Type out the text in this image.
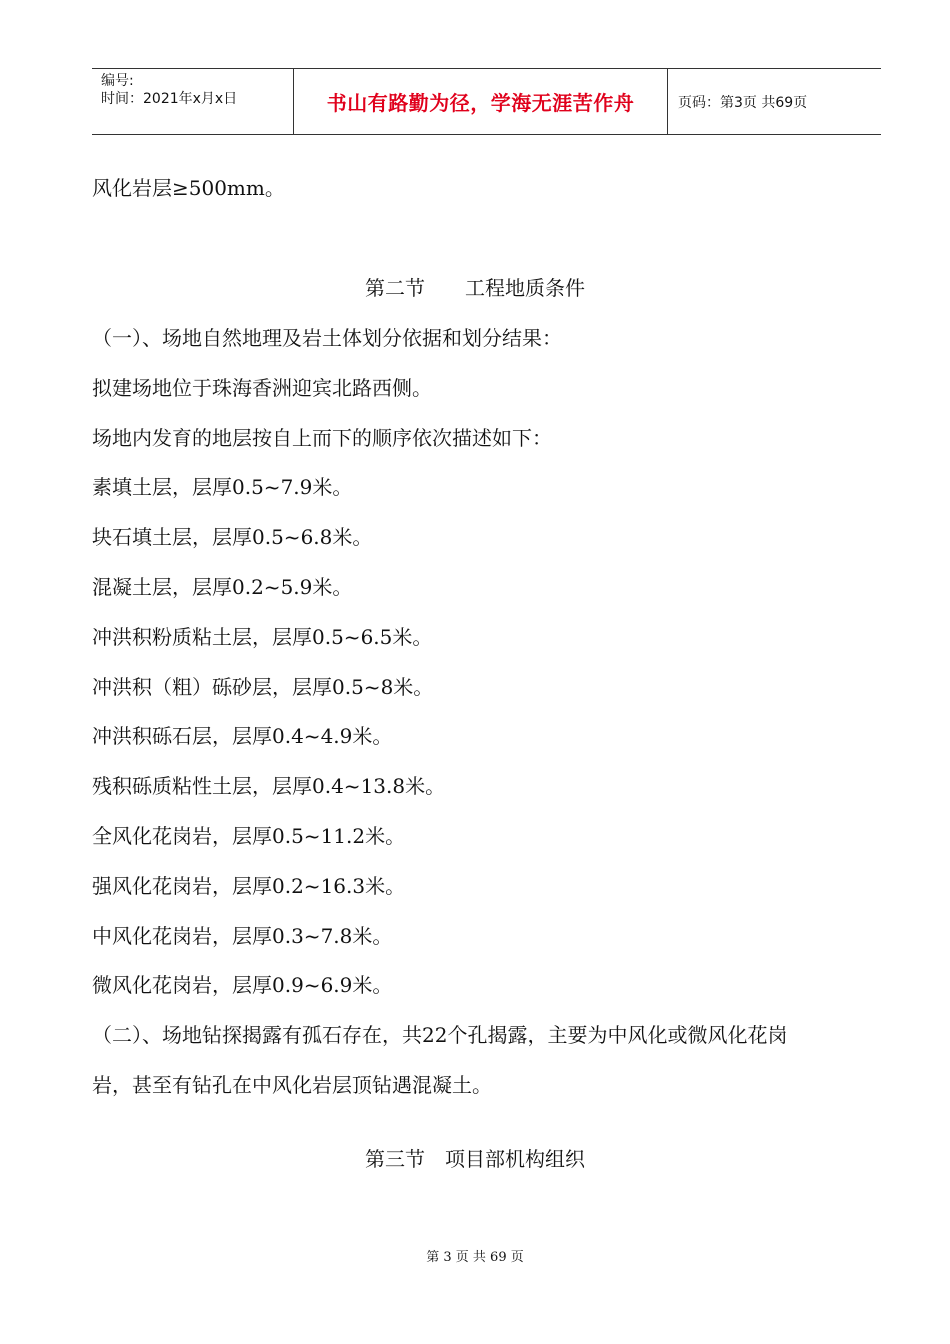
编号:
时间：2021年x月x日	书山有路勤为径，学海无涯苦作舟	页码：第3页 共69页
风化岩层≥500mm。
第二节　　工程地质条件
（一）、场地自然地理及岩土体划分依据和划分结果：
拟建场地位于珠海香洲迎宾北路西侧。
场地内发育的地层按自上而下的顺序依次描述如下：
素填土层，层厚0.5~7.9米。
块石填土层，层厚0.5~6.8米。
混凝土层，层厚0.2~5.9米。
冲洪积粉质粘土层，层厚0.5~6.5米。
冲洪积（粗）砾砂层，层厚0.5~8米。
冲洪积砾石层，层厚0.4~4.9米。
残积砾质粘性土层，层厚0.4~13.8米。
全风化花岗岩，层厚0.5~11.2米。
强风化花岗岩，层厚0.2~16.3米。
中风化花岗岩，层厚0.3~7.8米。
微风化花岗岩，层厚0.9~6.9米。
（二）、场地钻探揭露有孤石存在，共22个孔揭露，主要为中风化或微风化花岗
岩，甚至有钻孔在中风化岩层顶钻遇混凝土。
第三节　项目部机构组织
第 3 页 共 69 页
